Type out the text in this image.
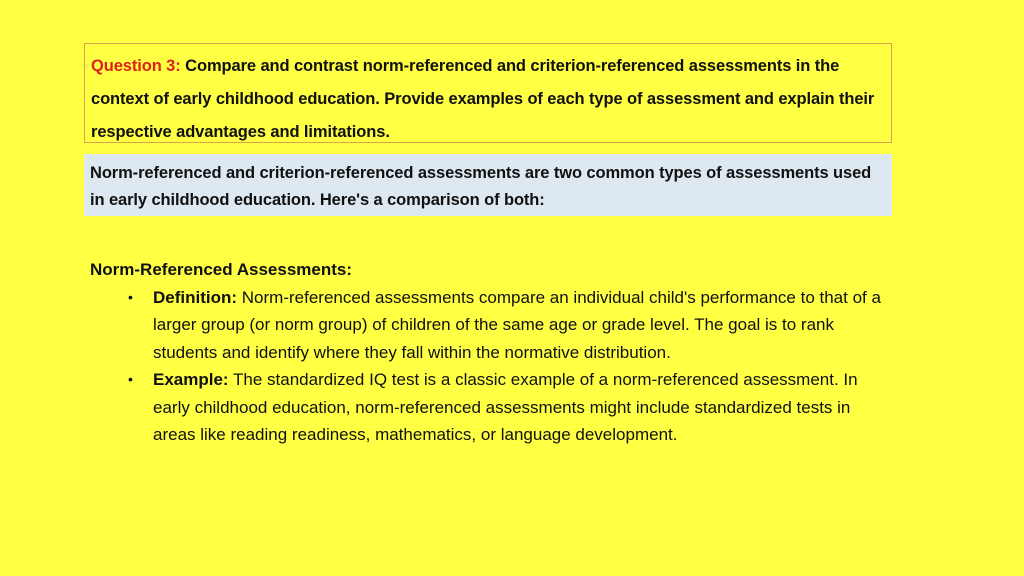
Question 3: Compare and contrast norm-referenced and criterion-referenced assessments in the context of early childhood education. Provide examples of each type of assessment and explain their respective advantages and limitations.
Norm-referenced and criterion-referenced assessments are two common types of assessments used in early childhood education. Here's a comparison of both:
Norm-Referenced Assessments:
• Definition: Norm-referenced assessments compare an individual child's performance to that of a larger group (or norm group) of children of the same age or grade level. The goal is to rank students and identify where they fall within the normative distribution.
• Example: The standardized IQ test is a classic example of a norm-referenced assessment. In early childhood education, norm-referenced assessments might include standardized tests in areas like reading readiness, mathematics, or language development.
